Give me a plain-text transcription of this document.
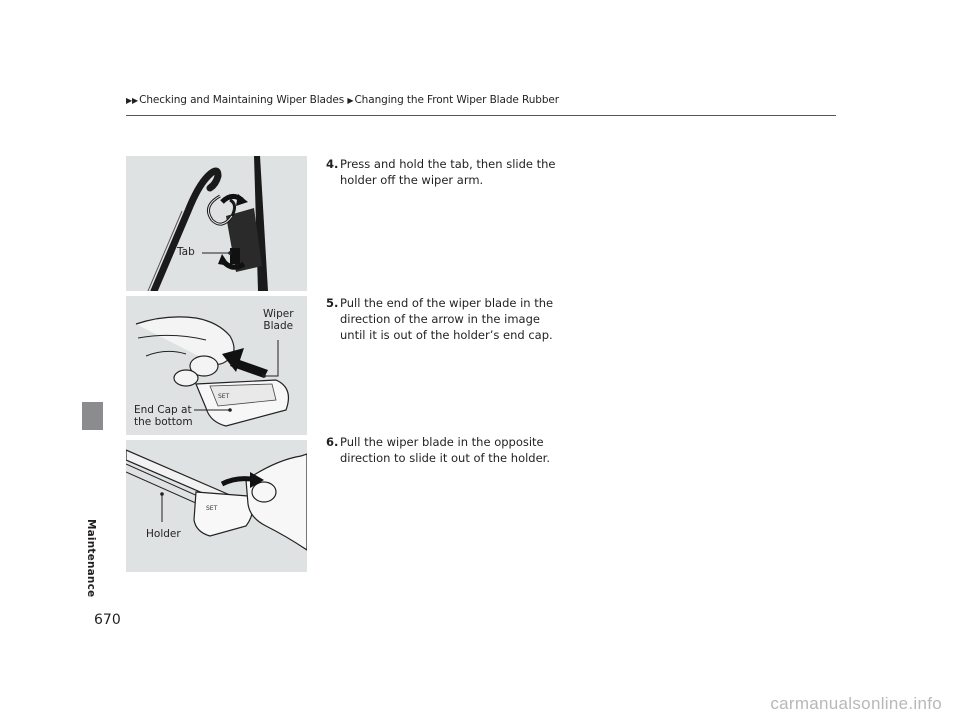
▶▶Checking and Maintaining Wiper Blades ▶Changing the Front Wiper Blade Rubber
Maintenance
Tab
SET
Wiper
Blade
End Cap at
the bottom
SET
Holder
4. Press and hold the tab, then slide the holder off the wiper arm.
5. Pull the end of the wiper blade in the direction of the arrow in the image until it is out of the holder’s end cap.
6. Pull the wiper blade in the opposite direction to slide it out of the holder.
670
carmanualsonline.info
